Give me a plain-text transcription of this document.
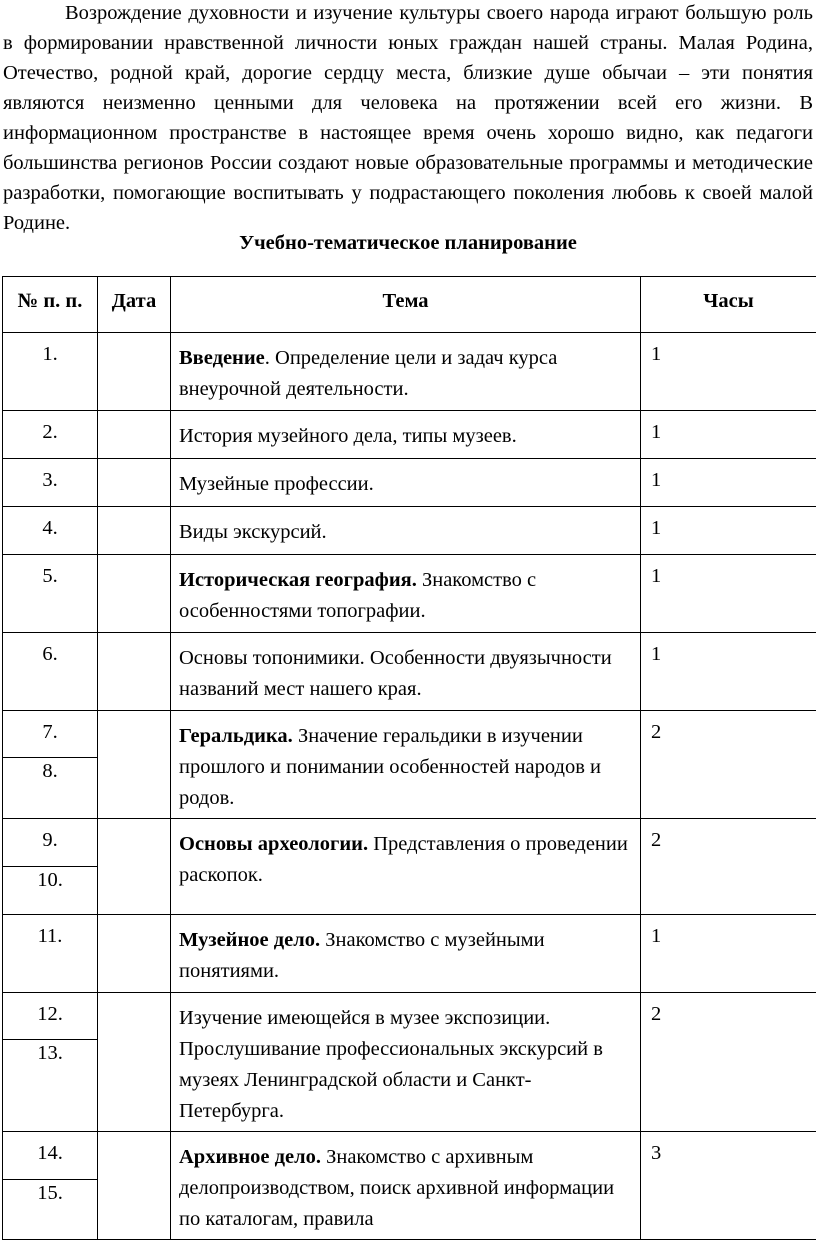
Возрождение духовности и изучение культуры своего народа играют большую роль в формировании нравственной личности юных граждан нашей страны. Малая Родина, Отечество, родной край, дорогие сердцу места, близкие душе обычаи – эти понятия являются неизменно ценными для человека на протяжении всей его жизни. В информационном пространстве в настоящее время очень хорошо видно, как педагоги большинства регионов России создают новые образовательные программы и методические разработки, помогающие воспитывать у подрастающего поколения любовь к своей малой Родине.

Учебно-тематическое планирование

№ п. п.	Дата	Тема	Часы
1.		Введение. Определение цели и задач курса внеурочной деятельности.	1
2.		История музейного дела, типы музеев.	1
3.		Музейные профессии.	1
4.		Виды экскурсий.	1
5.		Историческая география. Знакомство с особенностями топографии.	1
6.		Основы топонимики. Особенности двуязычности названий мест нашего края.	1
7.		Геральдика. Значение геральдики в изучении прошлого и понимании особенностей народов и родов.	2
8.			
9.		Основы археологии. Представления о проведении раскопок.	2
10.			
11.		Музейное дело. Знакомство с музейными понятиями.	1
12.		Изучение имеющейся в музее экспозиции. Прослушивание профессиональных экскурсий в музеях Ленинградской области и Санкт-Петербурга.	2
13.			
14.		Архивное дело. Знакомство с архивным делопроизводством, поиск архивной информации по каталогам, правила	3
15.			
